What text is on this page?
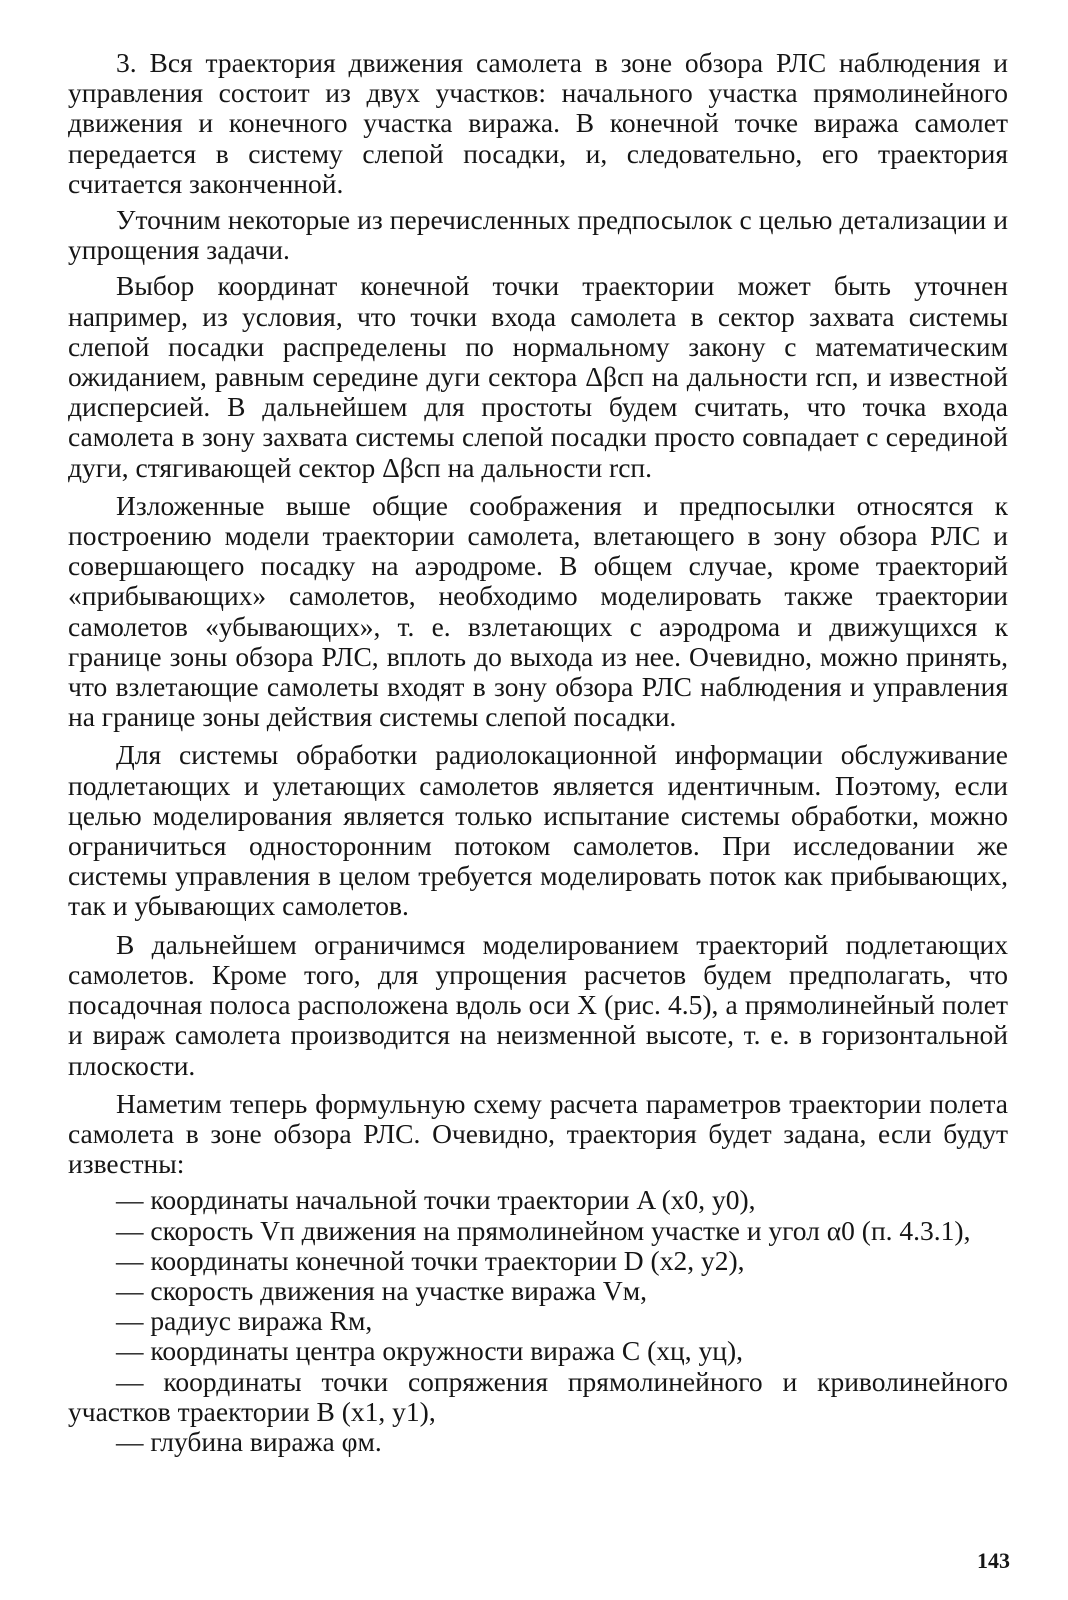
3. Вся траектория движения самолета в зоне обзора РЛС наблюдения и управления состоит из двух участков: начального участка прямолинейного движения и конечного участка виража. В конечной точке виража самолет передается в систему слепой посадки, и, следовательно, его траектория считается законченной.

Уточним некоторые из перечисленных предпосылок с целью детализации и упрощения задачи.

Выбор координат конечной точки траектории может быть уточнен например, из условия, что точки входа самолета в сектор захвата системы слепой посадки распределены по нормальному закону с математическим ожиданием, равным середине дуги сектора Δβсп на дальности rсп, и известной дисперсией. В дальнейшем для простоты будем считать, что точка входа самолета в зону захвата системы слепой посадки просто совпадает с серединой дуги, стягивающей сектор Δβсп на дальности rсп.

Изложенные выше общие соображения и предпосылки относятся к построению модели траектории самолета, влетающего в зону обзора РЛС и совершающего посадку на аэродроме. В общем случае, кроме траекторий «прибывающих» самолетов, необходимо моделировать также траектории самолетов «убывающих», т. е. взлетающих с аэродрома и движущихся к границе зоны обзора РЛС, вплоть до выхода из нее. Очевидно, можно принять, что взлетающие самолеты входят в зону обзора РЛС наблюдения и управления на границе зоны действия системы слепой посадки.

Для системы обработки радиолокационной информации обслуживание подлетающих и улетающих самолетов является идентичным. Поэтому, если целью моделирования является только испытание системы обработки, можно ограничиться односторонним потоком самолетов. При исследовании же системы управления в целом требуется моделировать поток как прибывающих, так и убывающих самолетов.

В дальнейшем ограничимся моделированием траекторий подлетающих самолетов. Кроме того, для упрощения расчетов будем предполагать, что посадочная полоса расположена вдоль оси X (рис. 4.5), а прямолинейный полет и вираж самолета производится на неизменной высоте, т. е. в горизонтальной плоскости.

Наметим теперь формульную схему расчета параметров траектории полета самолета в зоне обзора РЛС. Очевидно, траектория будет задана, если будут известны:

— координаты начальной точки траектории A (x0, y0),
— скорость Vп движения на прямолинейном участке и угол α0 (п. 4.3.1),
— координаты конечной точки траектории D (x2, y2),
— скорость движения на участке виража Vм,
— радиус виража Rм,
— координаты центра окружности виража C (xц, yц),
— координаты точки сопряжения прямолинейного и криволинейного участков траектории B (x1, y1),
— глубина виража φм.
143
